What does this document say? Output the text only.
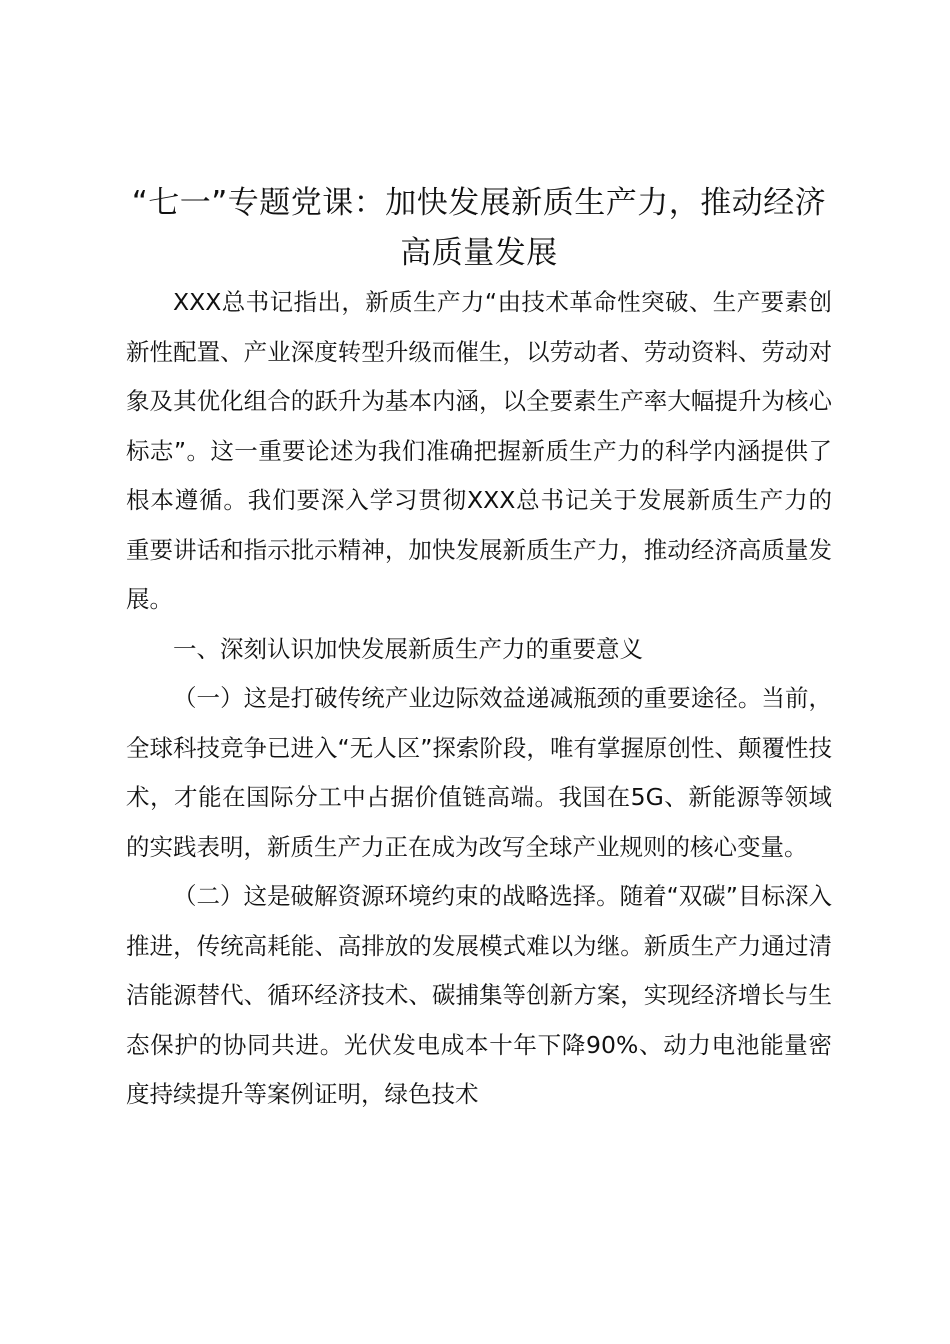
“七一”专题党课：加快发展新质生产力，推动经济高质量发展

XXX总书记指出，新质生产力“由技术革命性突破、生产要素创新性配置、产业深度转型升级而催生，以劳动者、劳动资料、劳动对象及其优化组合的跃升为基本内涵，以全要素生产率大幅提升为核心标志”。这一重要论述为我们准确把握新质生产力的科学内涵提供了根本遵循。我们要深入学习贯彻XXX总书记关于发展新质生产力的重要讲话和指示批示精神，加快发展新质生产力，推动经济高质量发展。

一、深刻认识加快发展新质生产力的重要意义

（一）这是打破传统产业边际效益递减瓶颈的重要途径。当前，全球科技竞争已进入“无人区”探索阶段，唯有掌握原创性、颠覆性技术，才能在国际分工中占据价值链高端。我国在5G、新能源等领域的实践表明，新质生产力正在成为改写全球产业规则的核心变量。

（二）这是破解资源环境约束的战略选择。随着“双碳”目标深入推进，传统高耗能、高排放的发展模式难以为继。新质生产力通过清洁能源替代、循环经济技术、碳捕集等创新方案，实现经济增长与生态保护的协同共进。光伏发电成本十年下降90%、动力电池能量密度持续提升等案例证明，绿色技术
